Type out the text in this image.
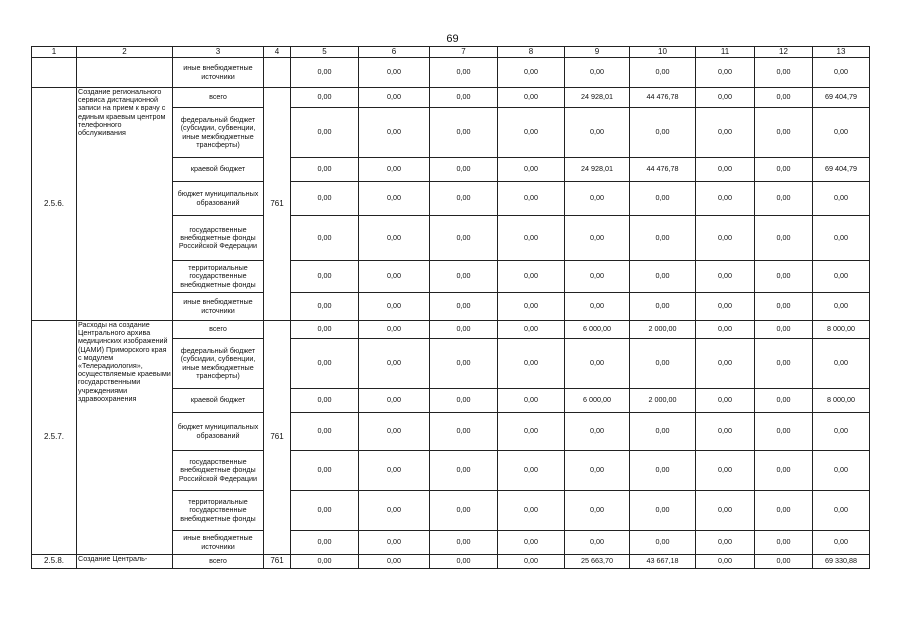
69
1	2	3	4	5	6	7	8	9	10	11	12	13
		иные внебюджетные источники		0,00	0,00	0,00	0,00	0,00	0,00	0,00	0,00	0,00
2.5.6.	Создание регионального сервиса дистанционной записи на прием к врачу с единым краевым центром телефонного обслуживания	всего	761	0,00	0,00	0,00	0,00	24 928,01	44 476,78	0,00	0,00	69 404,79
		федеральный бюджет (субсидии, субвенции, иные межбюджетные трансферты)		0,00	0,00	0,00	0,00	0,00	0,00	0,00	0,00	0,00
		краевой бюджет		0,00	0,00	0,00	0,00	24 928,01	44 476,78	0,00	0,00	69 404,79
		бюджет муниципальных образований		0,00	0,00	0,00	0,00	0,00	0,00	0,00	0,00	0,00
		государственные внебюджетные фонды Российской Федерации		0,00	0,00	0,00	0,00	0,00	0,00	0,00	0,00	0,00
		территориальные государственные внебюджетные фонды		0,00	0,00	0,00	0,00	0,00	0,00	0,00	0,00	0,00
		иные внебюджетные источники		0,00	0,00	0,00	0,00	0,00	0,00	0,00	0,00	0,00
2.5.7.	Расходы на создание Центрального архива медицинских изображений (ЦАМИ) Приморского края с модулем «Телерадиология», осуществляемые краевыми государственными учреждениями здравоохранения	всего	761	0,00	0,00	0,00	0,00	6 000,00	2 000,00	0,00	0,00	8 000,00
		федеральный бюджет (субсидии, субвенции, иные межбюджетные трансферты)		0,00	0,00	0,00	0,00	0,00	0,00	0,00	0,00	0,00
		краевой бюджет		0,00	0,00	0,00	0,00	6 000,00	2 000,00	0,00	0,00	8 000,00
		бюджет муниципальных образований		0,00	0,00	0,00	0,00	0,00	0,00	0,00	0,00	0,00
		государственные внебюджетные фонды Российской Федерации		0,00	0,00	0,00	0,00	0,00	0,00	0,00	0,00	0,00
		территориальные государственные внебюджетные фонды		0,00	0,00	0,00	0,00	0,00	0,00	0,00	0,00	0,00
		иные внебюджетные источники		0,00	0,00	0,00	0,00	0,00	0,00	0,00	0,00	0,00
2.5.8.	Создание Централь-	всего	761	0,00	0,00	0,00	0,00	25 663,70	43 667,18	0,00	0,00	69 330,88
